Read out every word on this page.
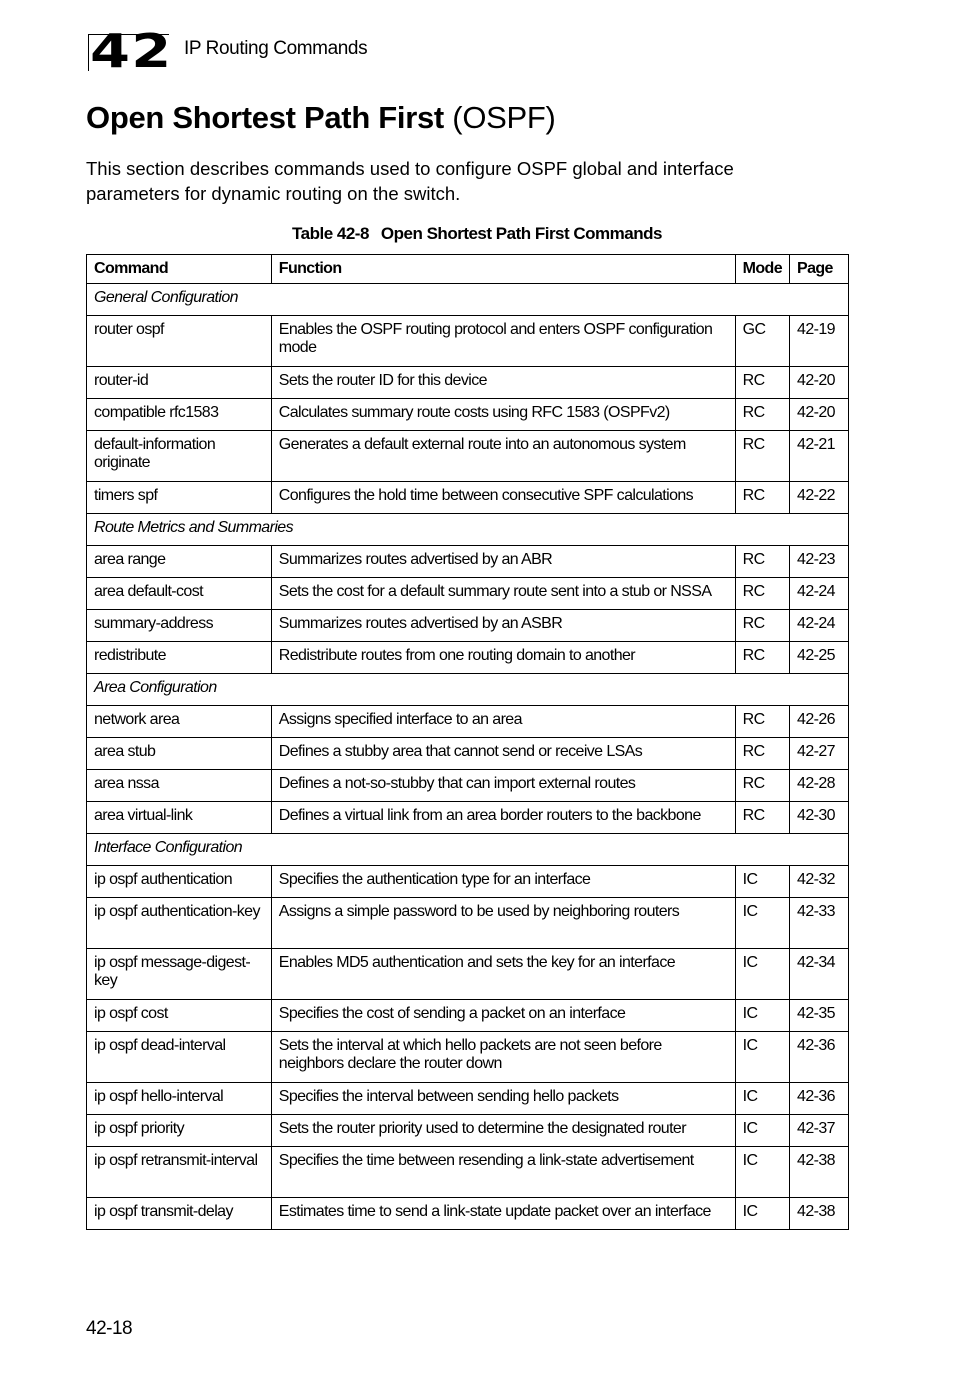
42 IP Routing Commands
Open Shortest Path First (OSPF)

This section describes commands used to configure OSPF global and interface parameters for dynamic routing on the switch.

Table 42-8 Open Shortest Path First Commands
Command	Function	Mode	Page
General Configuration			
router ospf	Enables the OSPF routing protocol and enters OSPF configuration mode	GC	42-19
router-id	Sets the router ID for this device	RC	42-20
compatible rfc1583	Calculates summary route costs using RFC 1583 (OSPFv2)	RC	42-20
default-information originate	Generates a default external route into an autonomous system	RC	42-21
timers spf	Configures the hold time between consecutive SPF calculations	RC	42-22
Route Metrics and Summaries			
area range	Summarizes routes advertised by an ABR	RC	42-23
area default-cost	Sets the cost for a default summary route sent into a stub or NSSA	RC	42-24
summary-address	Summarizes routes advertised by an ASBR	RC	42-24
redistribute	Redistribute routes from one routing domain to another	RC	42-25
Area Configuration			
network area	Assigns specified interface to an area	RC	42-26
area stub	Defines a stubby area that cannot send or receive LSAs	RC	42-27
area nssa	Defines a not-so-stubby that can import external routes	RC	42-28
area virtual-link	Defines a virtual link from an area border routers to the backbone	RC	42-30
Interface Configuration			
ip ospf authentication	Specifies the authentication type for an interface	IC	42-32
ip ospf authentication-key	Assigns a simple password to be used by neighboring routers	IC	42-33
ip ospf message-digest-key	Enables MD5 authentication and sets the key for an interface	IC	42-34
ip ospf cost	Specifies the cost of sending a packet on an interface	IC	42-35
ip ospf dead-interval	Sets the interval at which hello packets are not seen before neighbors declare the router down	IC	42-36
ip ospf hello-interval	Specifies the interval between sending hello packets	IC	42-36
ip ospf priority	Sets the router priority used to determine the designated router	IC	42-37
ip ospf retransmit-interval	Specifies the time between resending a link-state advertisement	IC	42-38
ip ospf transmit-delay	Estimates time to send a link-state update packet over an interface	IC	42-38
42-18
